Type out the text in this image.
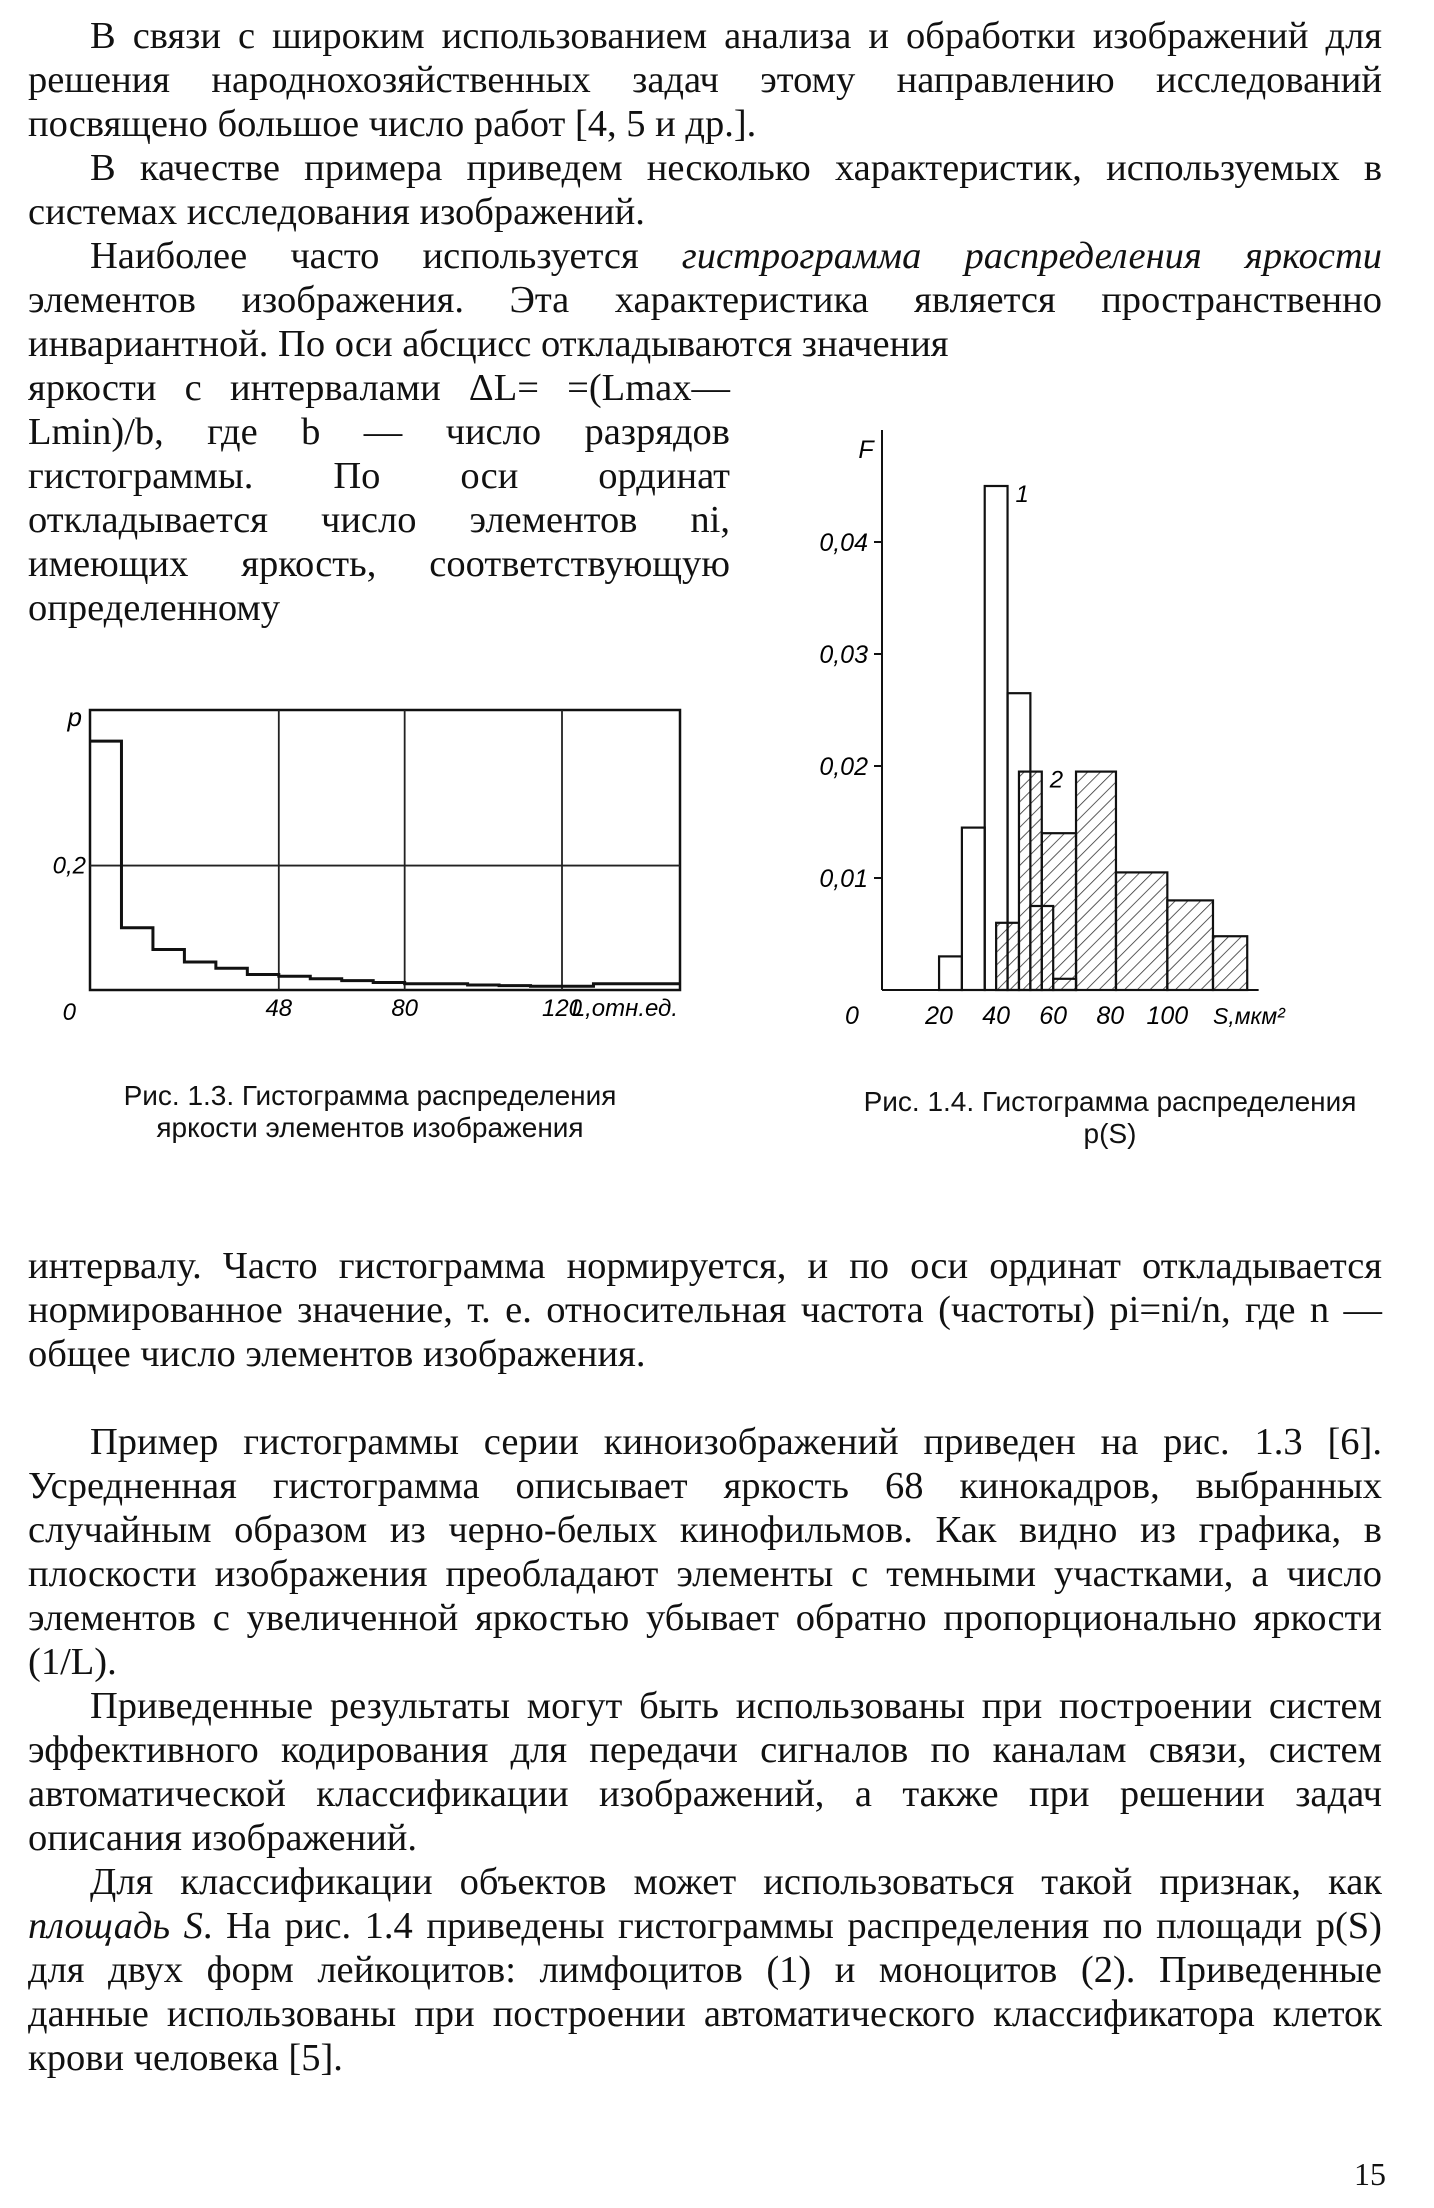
В связи с широким использованием анализа и обработки изображений для решения народнохозяйственных задач этому направлению исследований посвящено большое число работ [4, 5 и др.].

В качестве примера приведем несколько характеристик, используемых в системах исследования изображений.

Наиболее часто используется гистрограмма распределения яркости элементов изображения. Эта характеристика является пространственно инвариантной. По оси абсцисс откладываются значения

яркости с интервалами ΔL= =(Lmax—Lmin)/b, где b — число разрядов гистограммы. По оси ординат откладывается число элементов ni, имеющих яркость, соответствующую определенному

48	80	120
0,2
p
0	L,отн.ед.

Рис. 1.3. Гистограмма распределения яркости элементов изображения

0,01
0,02
0,03
0,04
20 40 60 80 100
0	S,мкм²
F
2
1

Рис. 1.4. Гистограмма распределения p(S)

интервалу. Часто гистограмма нормируется, и по оси ординат откладывается нормированное значение, т. е. относительная частота (частоты) pi=ni/n, где n — общее число элементов изображения.

Пример гистограммы серии киноизображений приведен на рис. 1.3 [6]. Усредненная гистограмма описывает яркость 68 кинокадров, выбранных случайным образом из черно-белых кинофильмов. Как видно из графика, в плоскости изображения преобладают элементы с темными участками, а число элементов с увеличенной яркостью убывает обратно пропорционально яркости (1/L).

Приведенные результаты могут быть использованы при построении систем эффективного кодирования для передачи сигналов по каналам связи, систем автоматической классификации изображений, а также при решении задач описания изображений.

Для классификации объектов может использоваться такой признак, как площадь S. На рис. 1.4 приведены гистограммы распределения по площади p(S) для двух форм лейкоцитов: лимфоцитов (1) и моноцитов (2). Приведенные данные использованы при построении автоматического классификатора клеток крови человека [5].

15
